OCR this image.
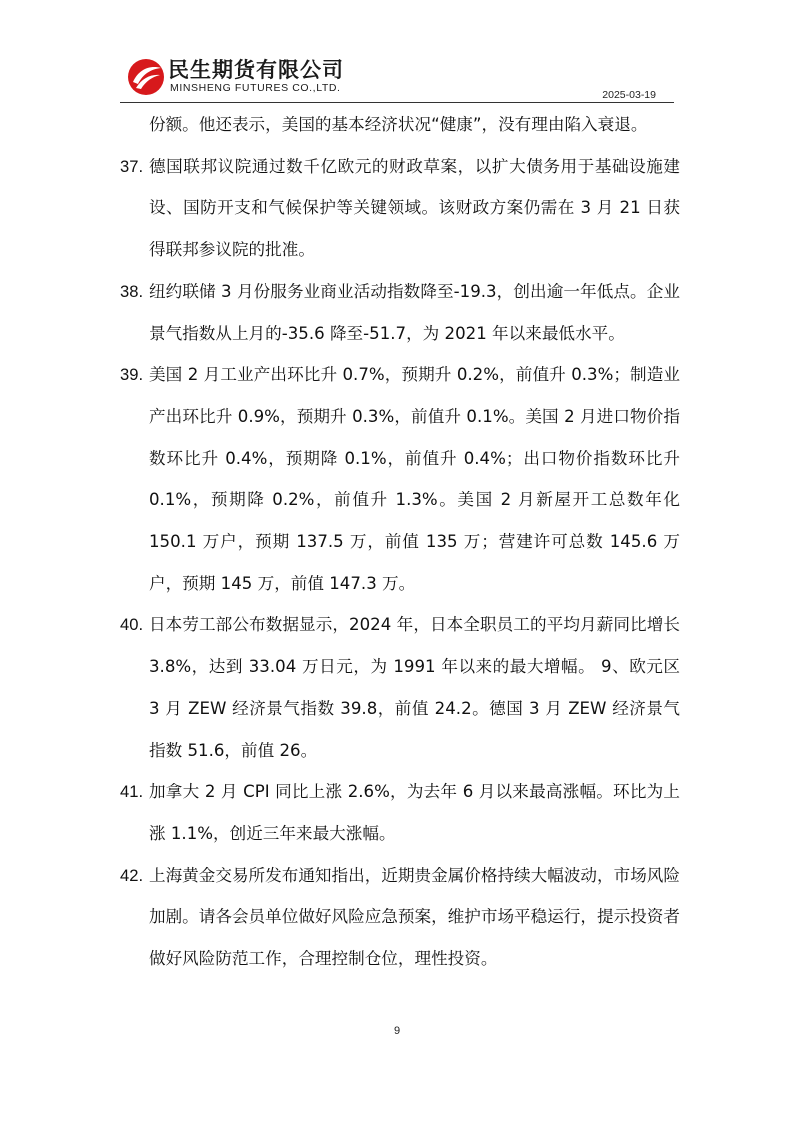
民生期货有限公司
MINSHENG FUTURES CO.,LTD.
2025-03-19
份额。他还表示，美国的基本经济状况“健康”，没有理由陷入衰退。
37. 德国联邦议院通过数千亿欧元的财政草案，以扩大债务用于基础设施建设、国防开支和气候保护等关键领域。该财政方案仍需在 3 月 21 日获得联邦参议院的批准。
38. 纽约联储 3 月份服务业商业活动指数降至-19.3，创出逾一年低点。企业景气指数从上月的-35.6 降至-51.7，为 2021 年以来最低水平。
39. 美国 2 月工业产出环比升 0.7%，预期升 0.2%，前值升 0.3%；制造业产出环比升 0.9%，预期升 0.3%，前值升 0.1%。美国 2 月进口物价指数环比升 0.4%，预期降 0.1%，前值升 0.4%；出口物价指数环比升 0.1%，预期降 0.2%，前值升 1.3%。美国 2 月新屋开工总数年化 150.1 万户，预期 137.5 万，前值 135 万；营建许可总数 145.6 万户，预期 145 万，前值 147.3 万。
40. 日本劳工部公布数据显示，2024 年，日本全职员工的平均月薪同比增长 3.8%，达到 33.04 万日元，为 1991 年以来的最大增幅。 9、欧元区 3 月 ZEW 经济景气指数 39.8，前值 24.2。德国 3 月 ZEW 经济景气指数 51.6，前值 26。
41. 加拿大 2 月 CPI 同比上涨 2.6%，为去年 6 月以来最高涨幅。环比为上涨 1.1%，创近三年来最大涨幅。
42. 上海黄金交易所发布通知指出，近期贵金属价格持续大幅波动，市场风险加剧。请各会员单位做好风险应急预案，维护市场平稳运行，提示投资者做好风险防范工作，合理控制仓位，理性投资。
9
